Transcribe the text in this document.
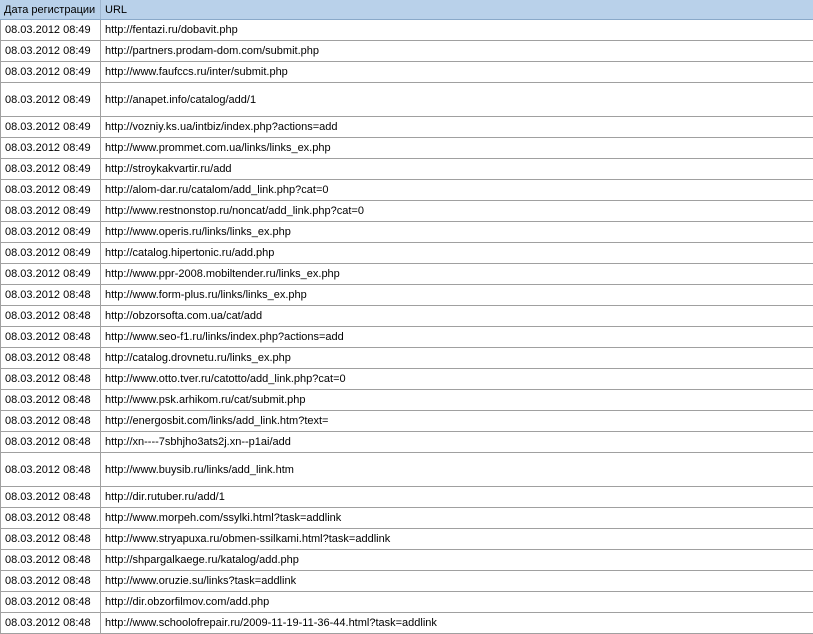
Дата регистрации URL
08.03.2012 08:49	http://fentazi.ru/dobavit.php
08.03.2012 08:49	http://partners.prodam-dom.com/submit.php
08.03.2012 08:49	http://www.faufccs.ru/inter/submit.php
08.03.2012 08:49	http://anapet.info/catalog/add/1
08.03.2012 08:49	http://vozniy.ks.ua/intbiz/index.php?actions=add
08.03.2012 08:49	http://www.prommet.com.ua/links/links_ex.php
08.03.2012 08:49	http://stroykakvartir.ru/add
08.03.2012 08:49	http://alom-dar.ru/catalom/add_link.php?cat=0
08.03.2012 08:49	http://www.restnonstop.ru/noncat/add_link.php?cat=0
08.03.2012 08:49	http://www.operis.ru/links/links_ex.php
08.03.2012 08:49	http://catalog.hipertonic.ru/add.php
08.03.2012 08:49	http://www.ppr-2008.mobiltender.ru/links_ex.php
08.03.2012 08:48	http://www.form-plus.ru/links/links_ex.php
08.03.2012 08:48	http://obzorsofta.com.ua/cat/add
08.03.2012 08:48	http://www.seo-f1.ru/links/index.php?actions=add
08.03.2012 08:48	http://catalog.drovnetu.ru/links_ex.php
08.03.2012 08:48	http://www.otto.tver.ru/catotto/add_link.php?cat=0
08.03.2012 08:48	http://www.psk.arhikom.ru/cat/submit.php
08.03.2012 08:48	http://energosbit.com/links/add_link.htm?text=
08.03.2012 08:48	http://xn----7sbhjho3ats2j.xn--p1ai/add
08.03.2012 08:48	http://www.buysib.ru/links/add_link.htm
08.03.2012 08:48	http://dir.rutuber.ru/add/1
08.03.2012 08:48	http://www.morpeh.com/ssylki.html?task=addlink
08.03.2012 08:48	http://www.stryapuxa.ru/obmen-ssilkami.html?task=addlink
08.03.2012 08:48	http://shpargalkaege.ru/katalog/add.php
08.03.2012 08:48	http://www.oruzie.su/links?task=addlink
08.03.2012 08:48	http://dir.obzorfilmov.com/add.php
08.03.2012 08:48	http://www.schoolofrepair.ru/2009-11-19-11-36-44.html?task=addlink
